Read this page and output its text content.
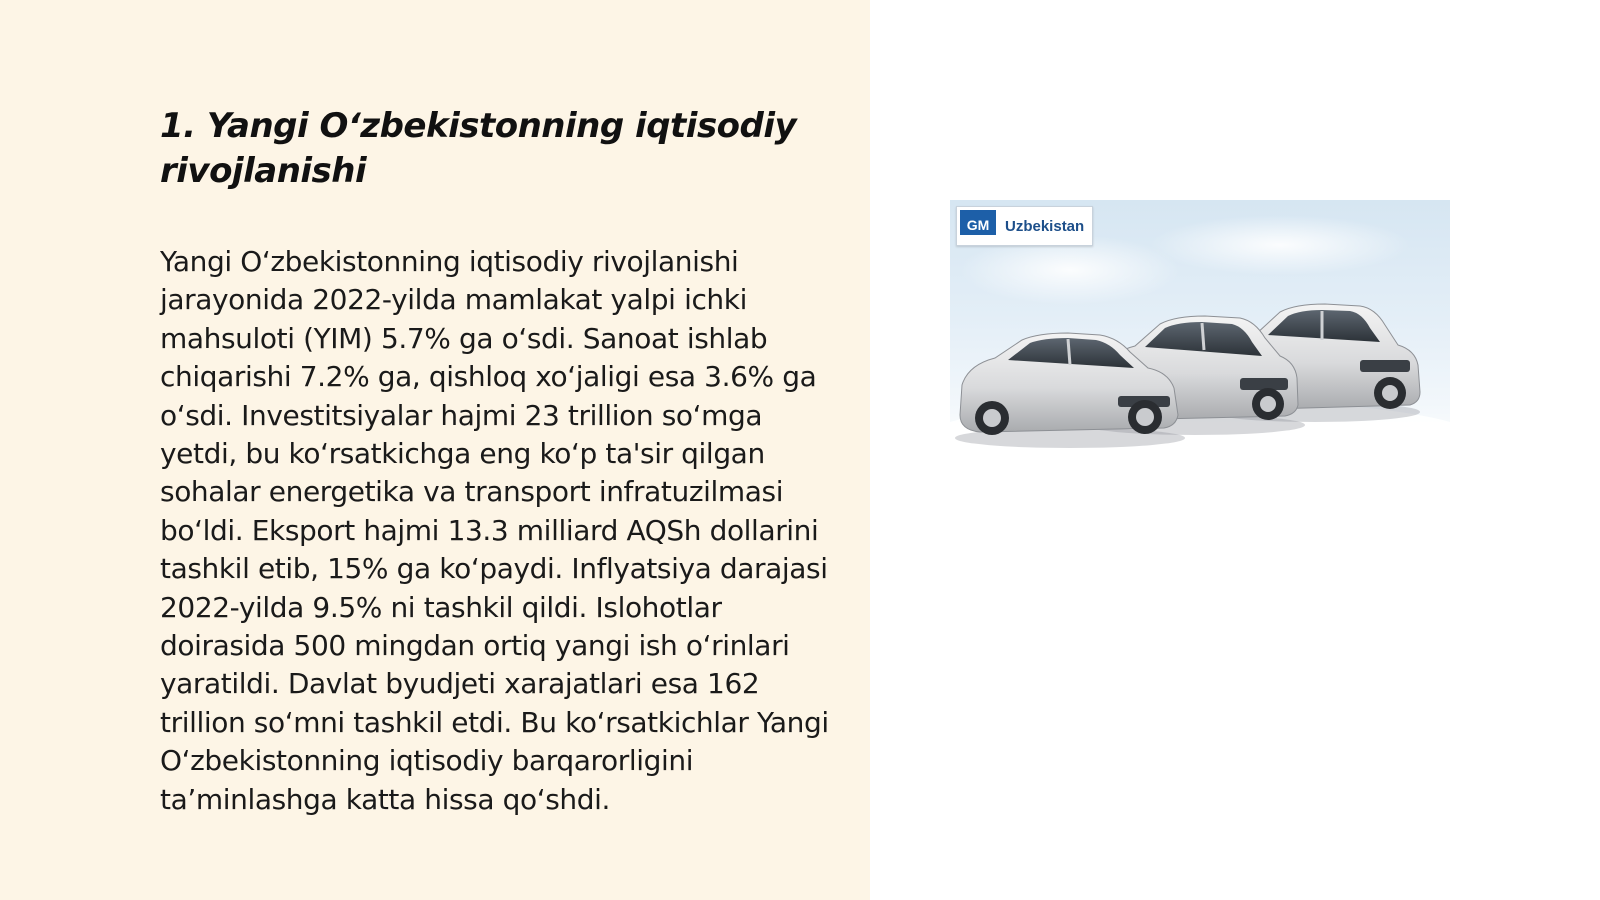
1. Yangi O‘zbekistonning iqtisodiy rivojlanishi

Yangi O‘zbekistonning iqtisodiy rivojlanishi jarayonida 2022-yilda mamlakat yalpi ichki mahsuloti (YIM) 5.7% ga o‘sdi. Sanoat ishlab chiqarishi 7.2% ga, qishloq xo‘jaligi esa 3.6% ga o‘sdi. Investitsiyalar hajmi 23 trillion so‘mga yetdi, bu ko‘rsatkichga eng ko‘p ta'sir qilgan sohalar energetika va transport infratuzilmasi bo‘ldi. Eksport hajmi 13.3 milliard AQSh dollarini tashkil etib, 15% ga ko‘paydi. Inflyatsiya darajasi 2022-yilda 9.5% ni tashkil qildi. Islohotlar doirasida 500 mingdan ortiq yangi ish o‘rinlari yaratildi. Davlat byudjeti xarajatlari esa 162 trillion so‘mni tashkil etdi. Bu ko‘rsatkichlar Yangi O‘zbekistonning iqtisodiy barqarorligini ta’minlashga katta hissa qo‘shdi.

GM	Uzbekistan
